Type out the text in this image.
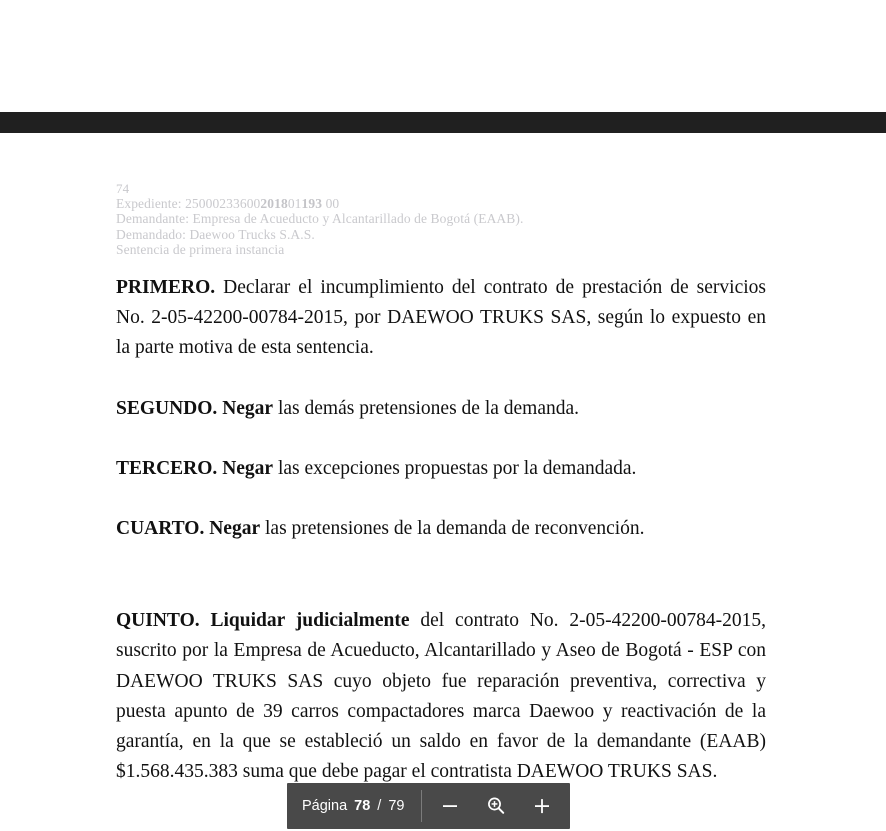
74
Expediente: 25000233600201801193 00
Demandante: Empresa de Acueducto y Alcantarillado de Bogotá (EAAB).
Demandado: Daewoo Trucks S.A.S.
Sentencia de primera instancia

PRIMERO. Declarar el incumplimiento del contrato de prestación de servicios No. 2-05-42200-00784-2015, por DAEWOO TRUKS SAS, según lo expuesto en la parte motiva de esta sentencia.

SEGUNDO. Negar las demás pretensiones de la demanda.

TERCERO. Negar las excepciones propuestas por la demandada.

CUARTO. Negar las pretensiones de la demanda de reconvención.

QUINTO. Liquidar judicialmente del contrato No. 2-05-42200-00784-2015, suscrito por la Empresa de Acueducto, Alcantarillado y Aseo de Bogotá - ESP con DAEWOO TRUKS SAS cuyo objeto fue reparación preventiva, correctiva y puesta apunto de 39 carros compactadores marca Daewoo y reactivación de la garantía, en la que se estableció un saldo en favor de la demandante (EAAB) $1.568.435.383 suma que debe pagar el contratista DAEWOO TRUKS SAS.

Página 78 / 79
